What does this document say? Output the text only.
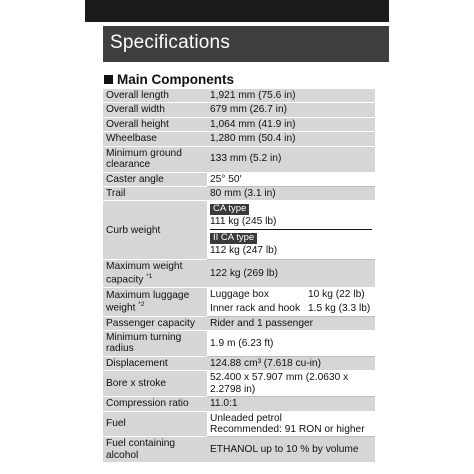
Specifications
Main Components
Overall length	1,921 mm (75.6 in)
Overall width	679 mm (26.7 in)
Overall height	1,064 mm (41.9 in)
Wheelbase	1,280 mm (50.4 in)
Minimum ground clearance	133 mm (5.2 in)
Caster angle	25° 50′
Trail	80 mm (3.1 in)
Curb weight	CA type
111 kg (245 lb)
II CA type
112 kg (247 lb)

Maximum weight capacity $^{*1}$	122 kg (269 lb)
Maximum luggage weight $^{*2}$	Luggage box 10 kg (22 lb)
Inner rack and hook 1.5 kg (3.3 lb)

Passenger capacity	Rider and 1 passenger
Minimum turning radius	1.9 m (6.23 ft)
Displacement	124.88 cm³ (7.618 cu-in)
Bore x stroke	52.400 x 57.907 mm (2.0630 x 2.2798 in)
Compression ratio	11.0:1
Fuel	Unleaded petrol
Recommended: 91 RON or higher

Fuel containing alcohol	ETHANOL up to 10 % by volume
